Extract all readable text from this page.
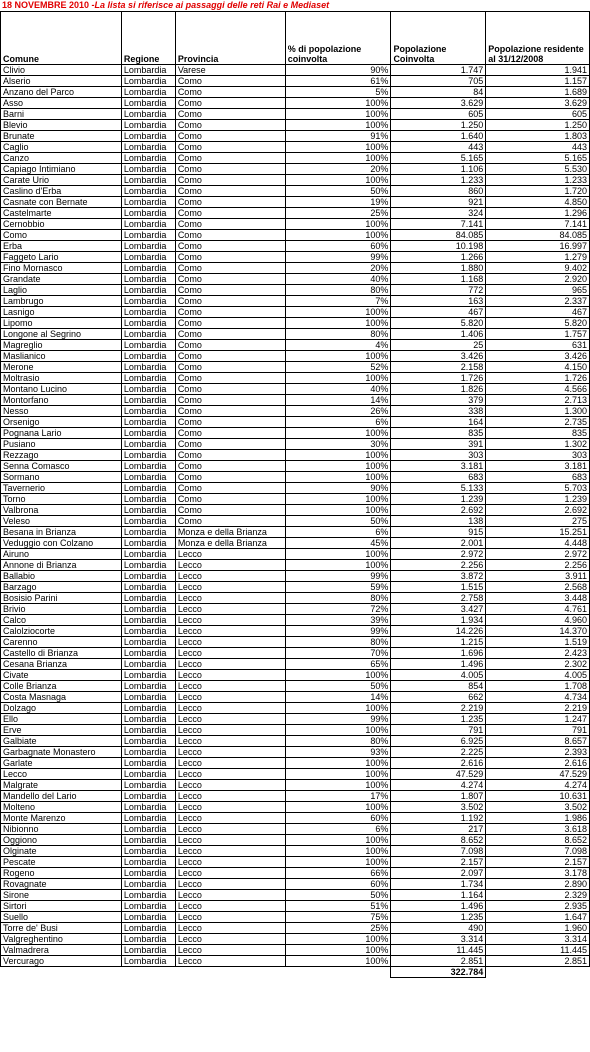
18 NOVEMBRE 2010 -La lista si riferisce ai passaggi delle reti Rai e Mediaset
Comune	Regione	Provincia	% di popolazione coinvolta	Popolazione Coinvolta	Popolazione residente al 31/12/2008
Clivio	Lombardia	Varese	90%	1.747	1.941
Alserio	Lombardia	Como	61%	705	1.157
Anzano del Parco	Lombardia	Como	5%	84	1.689
Asso	Lombardia	Como	100%	3.629	3.629
Barni	Lombardia	Como	100%	605	605
Blevio	Lombardia	Como	100%	1.250	1.250
Brunate	Lombardia	Como	91%	1.640	1.803
Caglio	Lombardia	Como	100%	443	443
Canzo	Lombardia	Como	100%	5.165	5.165
Capiago Intimiano	Lombardia	Como	20%	1.106	5.530
Carate Urio	Lombardia	Como	100%	1.233	1.233
Caslino d'Erba	Lombardia	Como	50%	860	1.720
Casnate con Bernate	Lombardia	Como	19%	921	4.850
Castelmarte	Lombardia	Como	25%	324	1.296
Cernobbio	Lombardia	Como	100%	7.141	7.141
Como	Lombardia	Como	100%	84.085	84.085
Erba	Lombardia	Como	60%	10.198	16.997
Faggeto Lario	Lombardia	Como	99%	1.266	1.279
Fino Mornasco	Lombardia	Como	20%	1.880	9.402
Grandate	Lombardia	Como	40%	1.168	2.920
Laglio	Lombardia	Como	80%	772	965
Lambrugo	Lombardia	Como	7%	163	2.337
Lasnigo	Lombardia	Como	100%	467	467
Lipomo	Lombardia	Como	100%	5.820	5.820
Longone al Segrino	Lombardia	Como	80%	1.406	1.757
Magreglio	Lombardia	Como	4%	25	631
Maslianico	Lombardia	Como	100%	3.426	3.426
Merone	Lombardia	Como	52%	2.158	4.150
Moltrasio	Lombardia	Como	100%	1.726	1.726
Montano Lucino	Lombardia	Como	40%	1.826	4.566
Montorfano	Lombardia	Como	14%	379	2.713
Nesso	Lombardia	Como	26%	338	1.300
Orsenigo	Lombardia	Como	6%	164	2.735
Pognana Lario	Lombardia	Como	100%	835	835
Pusiano	Lombardia	Como	30%	391	1.302
Rezzago	Lombardia	Como	100%	303	303
Senna Comasco	Lombardia	Como	100%	3.181	3.181
Sormano	Lombardia	Como	100%	683	683
Tavernerio	Lombardia	Como	90%	5.133	5.703
Torno	Lombardia	Como	100%	1.239	1.239
Valbrona	Lombardia	Como	100%	2.692	2.692
Veleso	Lombardia	Como	50%	138	275
Besana in Brianza	Lombardia	Monza e della Brianza	6%	915	15.251
Veduggio con Colzano	Lombardia	Monza e della Brianza	45%	2.001	4.448
Airuno	Lombardia	Lecco	100%	2.972	2.972
Annone di Brianza	Lombardia	Lecco	100%	2.256	2.256
Ballabio	Lombardia	Lecco	99%	3.872	3.911
Barzago	Lombardia	Lecco	59%	1.515	2.568
Bosisio Parini	Lombardia	Lecco	80%	2.758	3.448
Brivio	Lombardia	Lecco	72%	3.427	4.761
Calco	Lombardia	Lecco	39%	1.934	4.960
Calolziocorte	Lombardia	Lecco	99%	14.226	14.370
Carenno	Lombardia	Lecco	80%	1.215	1.519
Castello di Brianza	Lombardia	Lecco	70%	1.696	2.423
Cesana Brianza	Lombardia	Lecco	65%	1.496	2.302
Civate	Lombardia	Lecco	100%	4.005	4.005
Colle Brianza	Lombardia	Lecco	50%	854	1.708
Costa Masnaga	Lombardia	Lecco	14%	662	4.734
Dolzago	Lombardia	Lecco	100%	2.219	2.219
Ello	Lombardia	Lecco	99%	1.235	1.247
Erve	Lombardia	Lecco	100%	791	791
Galbiate	Lombardia	Lecco	80%	6.925	8.657
Garbagnate Monastero	Lombardia	Lecco	93%	2.225	2.393
Garlate	Lombardia	Lecco	100%	2.616	2.616
Lecco	Lombardia	Lecco	100%	47.529	47.529
Malgrate	Lombardia	Lecco	100%	4.274	4.274
Mandello del Lario	Lombardia	Lecco	17%	1.807	10.631
Molteno	Lombardia	Lecco	100%	3.502	3.502
Monte Marenzo	Lombardia	Lecco	60%	1.192	1.986
Nibionno	Lombardia	Lecco	6%	217	3.618
Oggiono	Lombardia	Lecco	100%	8.652	8.652
Olginate	Lombardia	Lecco	100%	7.098	7.098
Pescate	Lombardia	Lecco	100%	2.157	2.157
Rogeno	Lombardia	Lecco	66%	2.097	3.178
Rovagnate	Lombardia	Lecco	60%	1.734	2.890
Sirone	Lombardia	Lecco	50%	1.164	2.329
Sirtori	Lombardia	Lecco	51%	1.496	2.935
Suello	Lombardia	Lecco	75%	1.235	1.647
Torre de' Busi	Lombardia	Lecco	25%	490	1.960
Valgreghentino	Lombardia	Lecco	100%	3.314	3.314
Valmadrera	Lombardia	Lecco	100%	11.445	11.445
Vercurago	Lombardia	Lecco	100%	2.851	2.851
				322.784	
